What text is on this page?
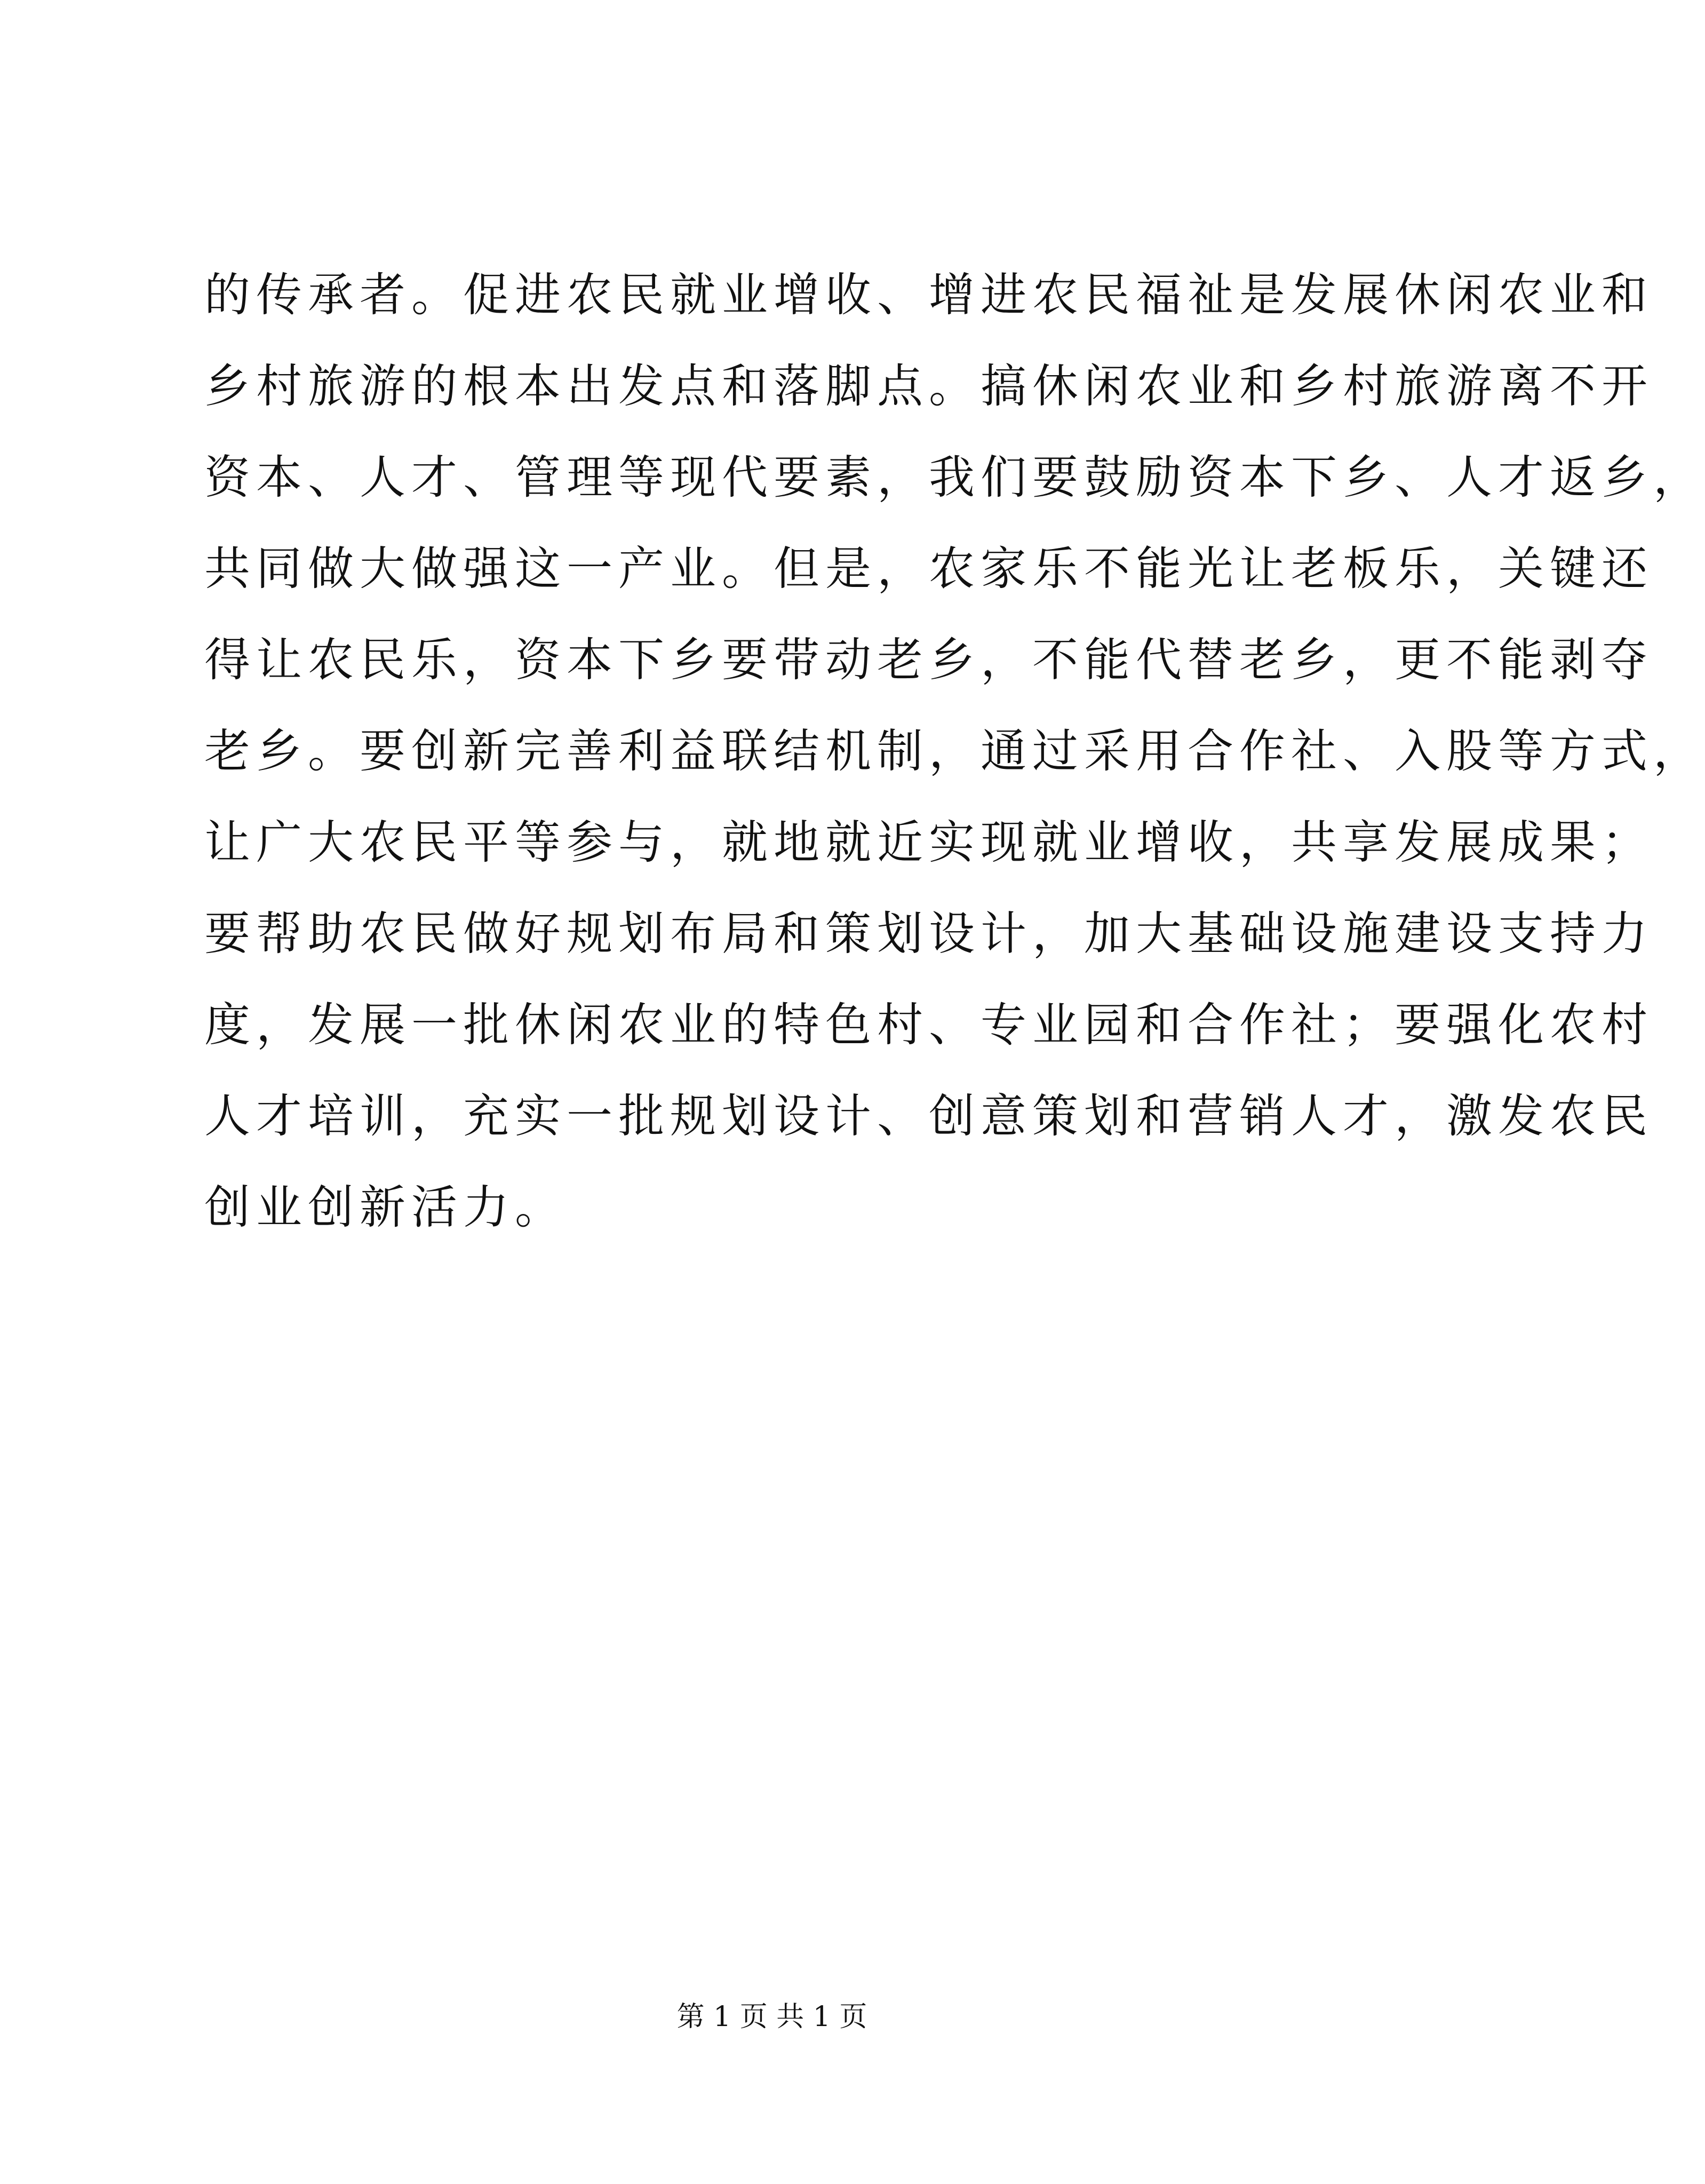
的传承者。促进农民就业增收、增进农民福祉是发展休闲农业和
乡村旅游的根本出发点和落脚点。搞休闲农业和乡村旅游离不开
资本、人才、管理等现代要素，我们要鼓励资本下乡、人才返乡，
共同做大做强这一产业。但是，农家乐不能光让老板乐，关键还
得让农民乐，资本下乡要带动老乡，不能代替老乡，更不能剥夺
老乡。要创新完善利益联结机制，通过采用合作社、入股等方式，
让广大农民平等参与，就地就近实现就业增收，共享发展成果；
要帮助农民做好规划布局和策划设计，加大基础设施建设支持力
度，发展一批休闲农业的特色村、专业园和合作社；要强化农村
人才培训，充实一批规划设计、创意策划和营销人才，激发农民
创业创新活力。
第 1 页 共 1 页
